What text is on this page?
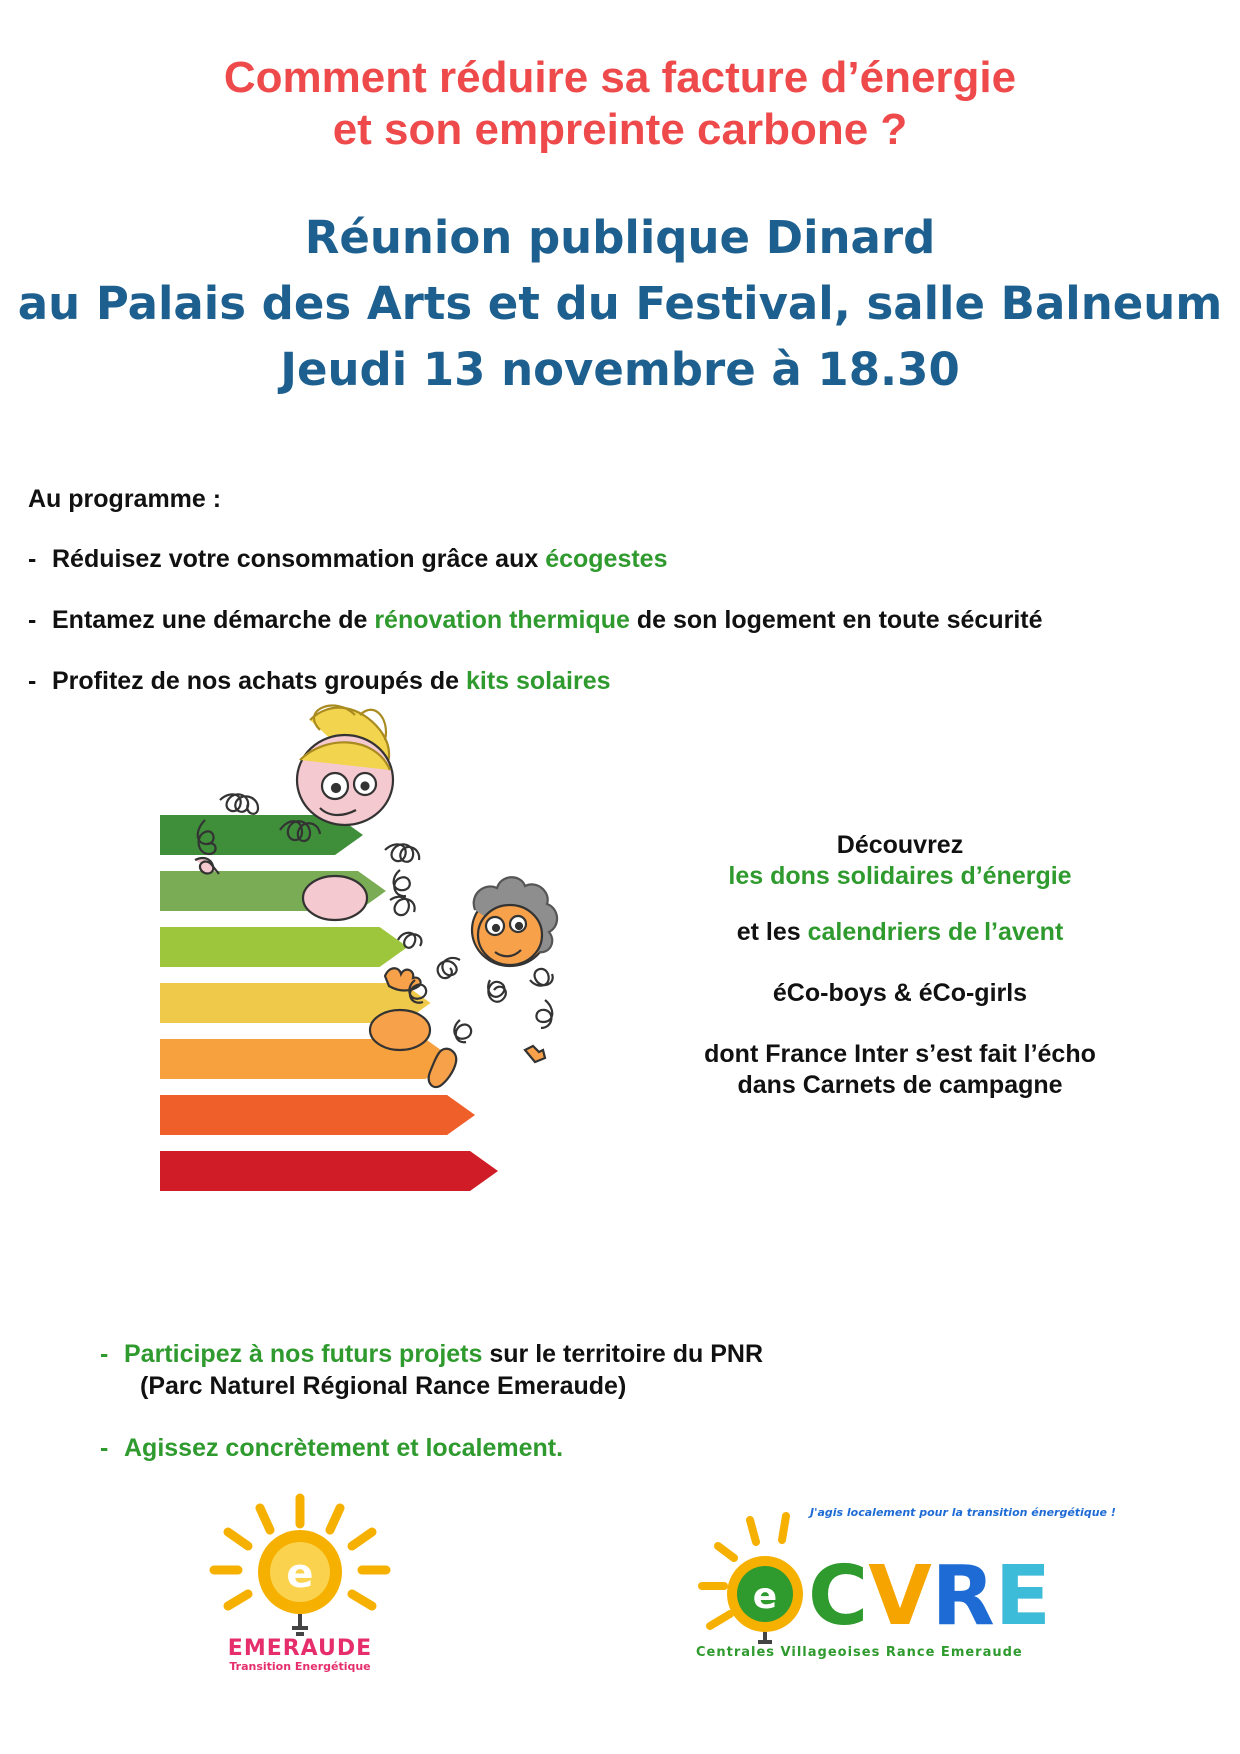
Comment réduire sa facture d’énergie
et son empreinte carbone ?
Réunion publique Dinard
au Palais des Arts et du Festival, salle Balneum
Jeudi 13 novembre à 18.30
Au programme :
- Réduisez votre consommation grâce aux écogestes
- Entamez une démarche de rénovation thermique de son logement en toute sécurité
- Profitez de nos achats groupés de kits solaires

Découvrez

les dons solidaires d’énergie

et les calendriers de l’avent

éCo-boys & éCo-girls

dont France Inter s’est fait l’écho

dans Carnets de campagne

- Participez à nos futurs projets sur le territoire du PNR
(Parc Naturel Régional Rance Emeraude)
- Agissez concrètement et localement.
e
EMERAUDE
Transition Energétique
J'agis localement pour la transition énergétique !
e CVRE
Centrales Villageoises Rance Emeraude
